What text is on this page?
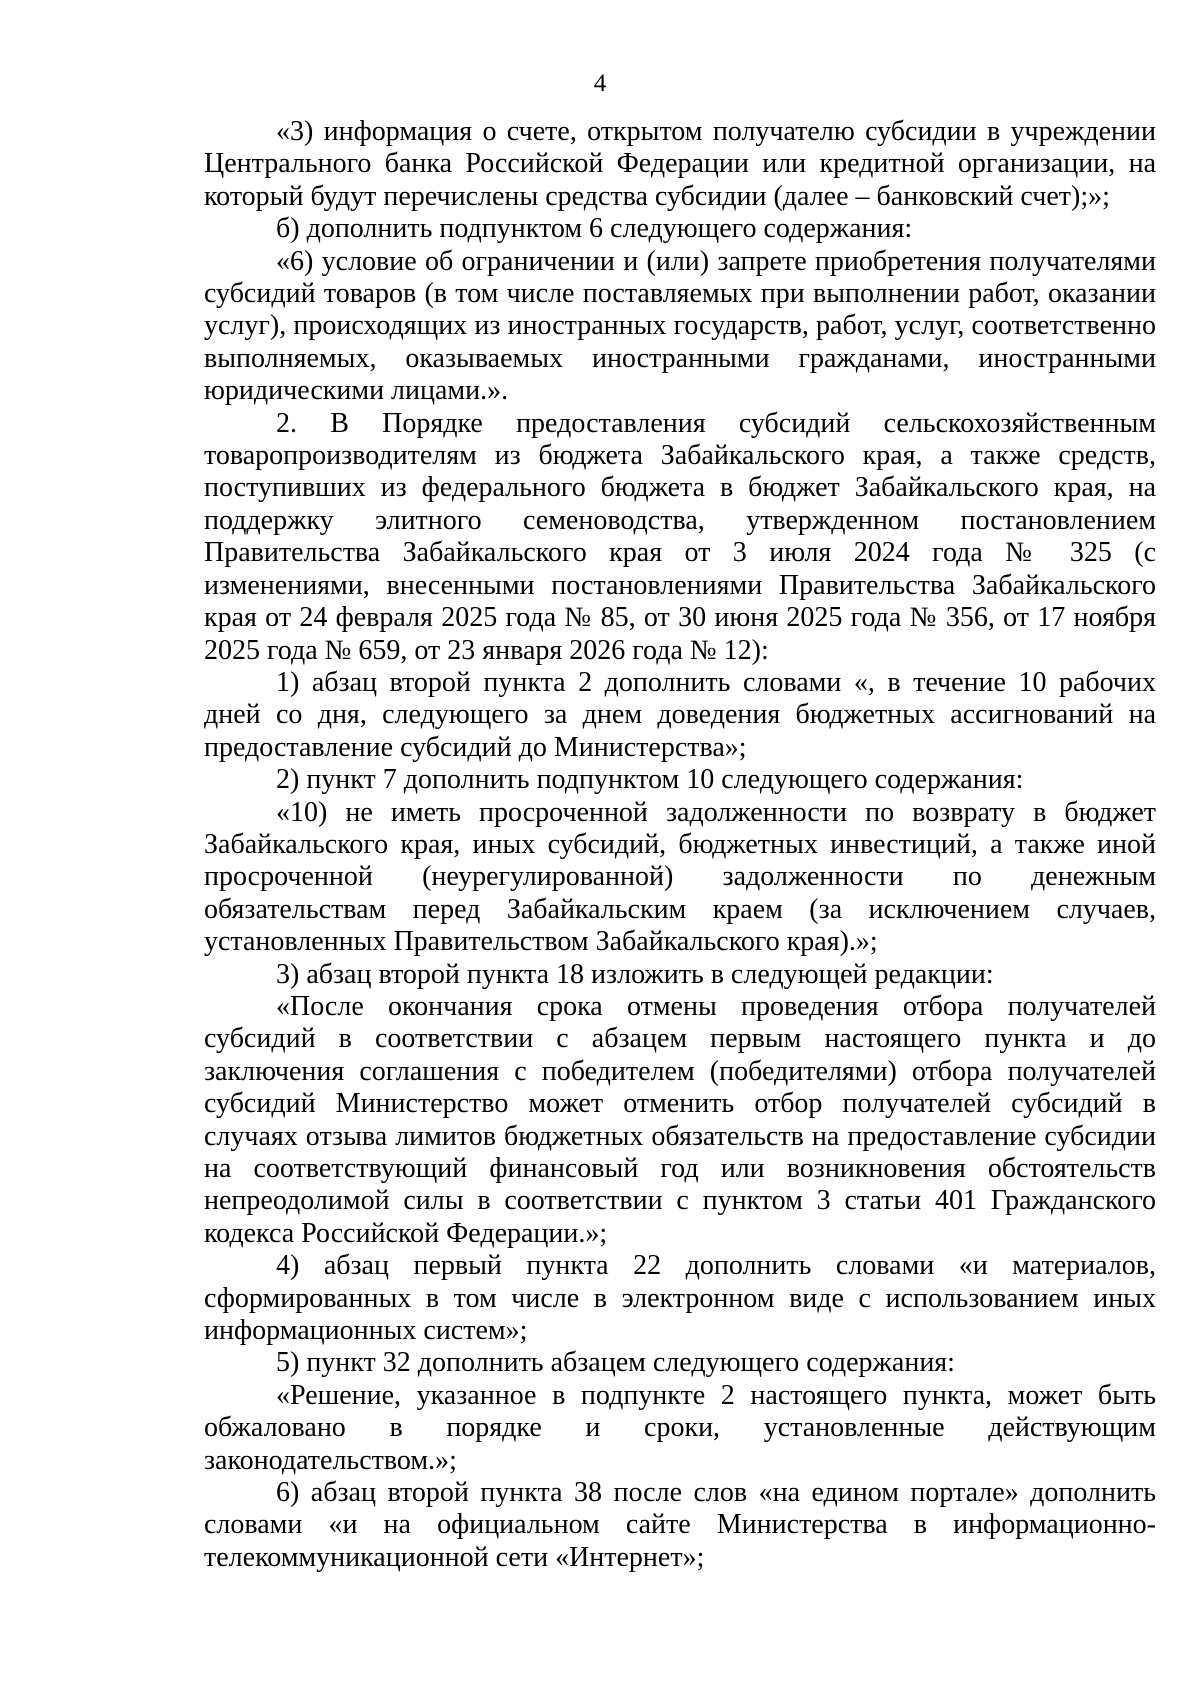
4

«3) информация о счете, открытом получателю субсидии в учреждении Центрального банка Российской Федерации или кредитной организации, на который будут перечислены средства субсидии (далее – банковский счет);»;

б) дополнить подпунктом 6 следующего содержания:

«6) условие об ограничении и (или) запрете приобретения получателями субсидий товаров (в том числе поставляемых при выполнении работ, оказании услуг), происходящих из иностранных государств, работ, услуг, соответственно выполняемых, оказываемых иностранными гражданами, иностранными юридическими лицами.».

2. В Порядке предоставления субсидий сельскохозяйственным товаропроизводителям из бюджета Забайкальского края, а также средств, поступивших из федерального бюджета в бюджет Забайкальского края, на поддержку элитного семеноводства, утвержденном постановлением Правительства Забайкальского края от 3 июля 2024 года № 325 (с изменениями, внесенными постановлениями Правительства Забайкальского края от 24 февраля 2025 года № 85, от 30 июня 2025 года № 356, от 17 ноября 2025 года № 659, от 23 января 2026 года № 12):

1) абзац второй пункта 2 дополнить словами «, в течение 10 рабочих дней со дня, следующего за днем доведения бюджетных ассигнований на предоставление субсидий до Министерства»;

2) пункт 7 дополнить подпунктом 10 следующего содержания:

«10) не иметь просроченной задолженности по возврату в бюджет Забайкальского края, иных субсидий, бюджетных инвестиций, а также иной просроченной (неурегулированной) задолженности по денежным обязательствам перед Забайкальским краем (за исключением случаев, установленных Правительством Забайкальского края).»;

3) абзац второй пункта 18 изложить в следующей редакции:

«После окончания срока отмены проведения отбора получателей субсидий в соответствии с абзацем первым настоящего пункта и до заключения соглашения с победителем (победителями) отбора получателей субсидий Министерство может отменить отбор получателей субсидий в случаях отзыва лимитов бюджетных обязательств на предоставление субсидии на соответствующий финансовый год или возникновения обстоятельств непреодолимой силы в соответствии с пунктом 3 статьи 401 Гражданского кодекса Российской Федерации.»;

4) абзац первый пункта 22 дополнить словами «и материалов, сформированных в том числе в электронном виде с использованием иных информационных систем»;

5) пункт 32 дополнить абзацем следующего содержания:

«Решение, указанное в подпункте 2 настоящего пункта, может быть обжаловано в порядке и сроки, установленные действующим законодательством.»;

6) абзац второй пункта 38 после слов «на едином портале» дополнить словами «и на официальном сайте Министерства в информационно-телекоммуникационной сети «Интернет»;
